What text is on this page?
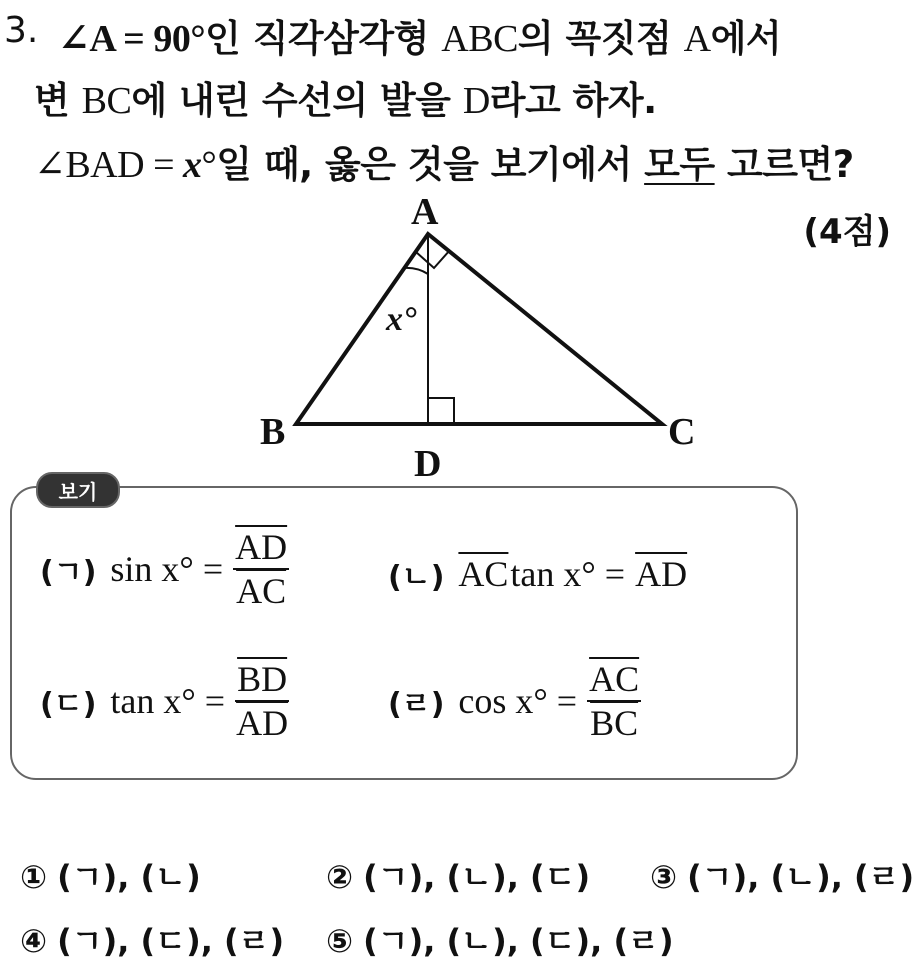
3. ∠A = 90°인 직각삼각형 ABC의 꼭짓점 A에서
변 BC에 내린 수선의 발을 D라고 하자.
∠BAD = x°일 때, 옳은 것을 보기에서 모두 고르면?
(4점)
A
B	C
D
x°
보기
(ㄱ) $\sin x^\circ = \frac{\overline{AD}}{AC}$	(ㄴ) $\overline{AC}$ $\tan x^\circ = \overline{AD}$
(ㄷ) $\tan x^\circ = \frac{\overline{BD}}{AD}$	(ㄹ) $\cos x^\circ = \frac{\overline{AC}}{BC}$
① (ㄱ), (ㄴ)	② (ㄱ), (ㄴ), (ㄷ) ③ (ㄱ), (ㄴ), (ㄹ)
④ (ㄱ), (ㄷ), (ㄹ) ⑤ (ㄱ), (ㄴ), (ㄷ), (ㄹ)
